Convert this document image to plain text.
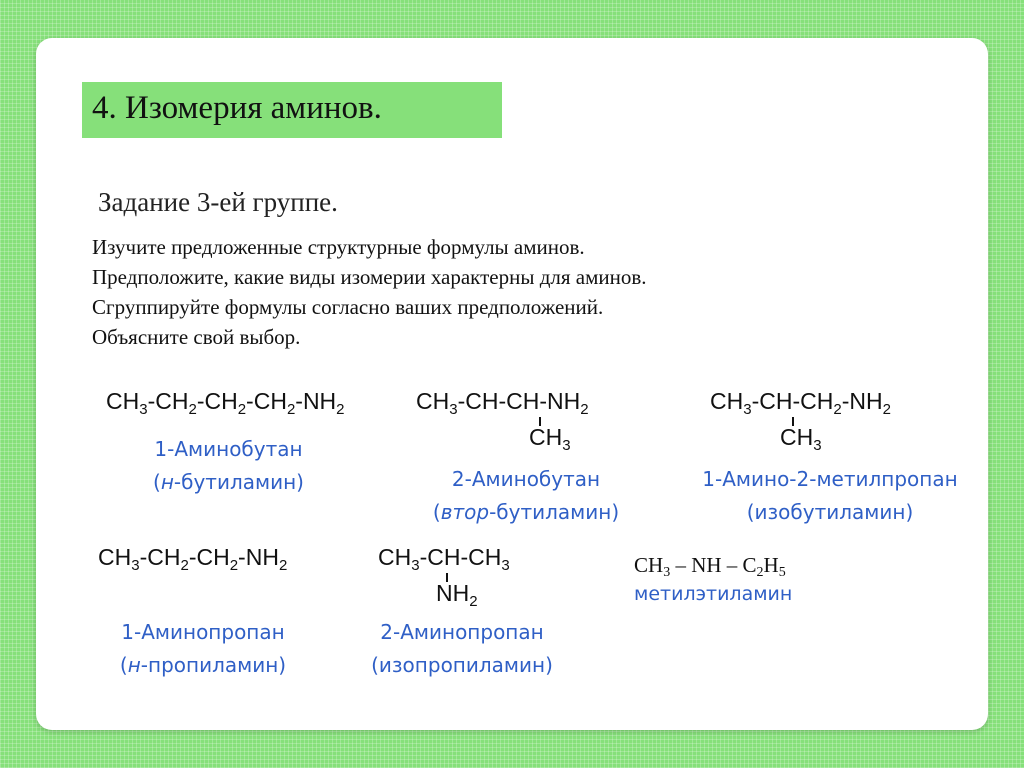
4. Изомерия аминов.
Задание 3-ей группе.
Изучите предложенные структурные формулы аминов.
Предположите, какие виды изомерии характерны для аминов.
Сгруппируйте формулы согласно ваших предположений.
Объясните свой выбор.
$CH_3-CH_2-CH_2-CH_2-NH_2$
1-Аминобутан
(н-бутиламин)
$CH_3-CH-CH-NH_2$
$CH_3$
2-Аминобутан
(втор-бутиламин)
$CH_3-CH-CH_2-NH_2$
$CH_3$
1-Амино-2-метилпропан
(изобутиламин)
$CH_3-CH_2-CH_2-NH_2$
1-Аминопропан
(н-пропиламин)
$CH_3-CH-CH_3$
$NH_2$
2-Аминопропан
(изопропиламин)
$CH_3$ – NH – $C_2H_5$
метилэтиламин
